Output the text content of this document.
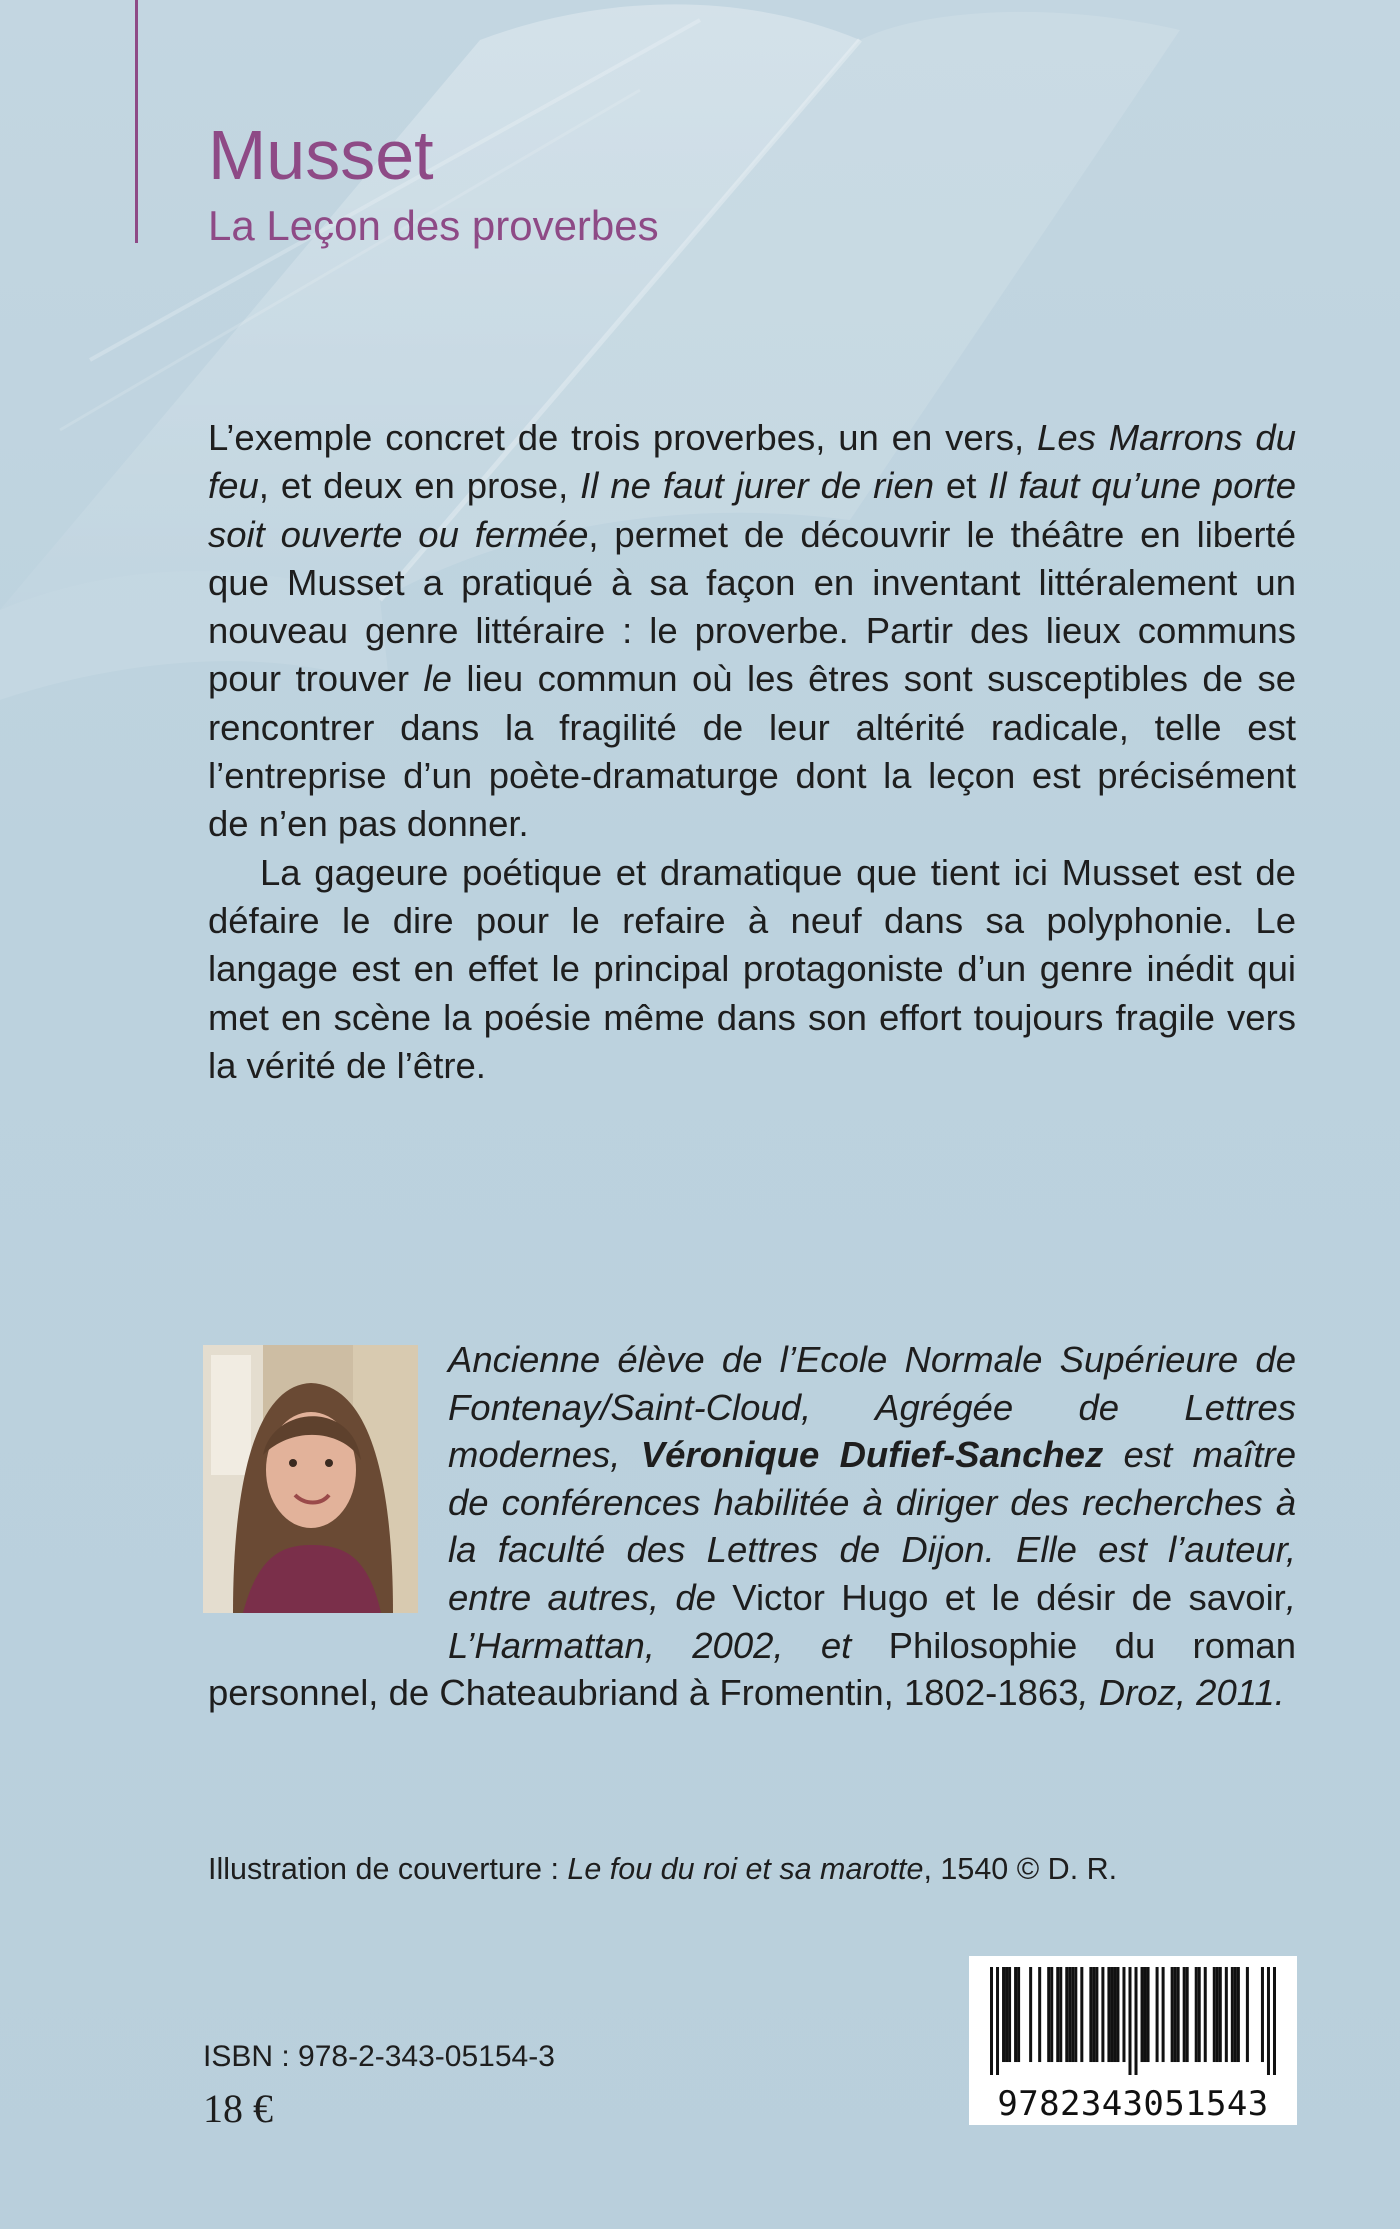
Musset
La Leçon des proverbes

L’exemple concret de trois proverbes, un en vers, Les Marrons du feu, et deux en prose, Il ne faut jurer de rien et Il faut qu’une porte soit ouverte ou fermée, permet de découvrir le théâtre en liberté que Musset a pratiqué à sa façon en inventant littéralement un nouveau genre littéraire : le proverbe. Partir des lieux communs pour trouver le lieu commun où les êtres sont susceptibles de se rencontrer dans la fragilité de leur altérité radicale, telle est l’entreprise d’un poète-dramaturge dont la leçon est précisément de n’en pas donner.

La gageure poétique et dramatique que tient ici Musset est de défaire le dire pour le refaire à neuf dans sa polyphonie. Le langage est en effet le principal protagoniste d’un genre inédit qui met en scène la poésie même dans son effort toujours fragile vers la vérité de l’être.

Ancienne élève de l’Ecole Normale Supérieure de Fontenay/Saint-Cloud, Agrégée de Lettres modernes, Véronique Dufief-Sanchez est maître de conférences habilitée à diriger des recherches à la faculté des Lettres de Dijon. Elle est l’auteur, entre autres, de Victor Hugo et le désir de savoir, L’Harmattan, 2002, et Philosophie du roman personnel, de Chateaubriand à Fromentin, 1802-1863, Droz, 2011.
Illustration de couverture : Le fou du roi et sa marotte, 1540 © D. R.
ISBN : 978-2-343-05154-3
18 €	9782343051543
